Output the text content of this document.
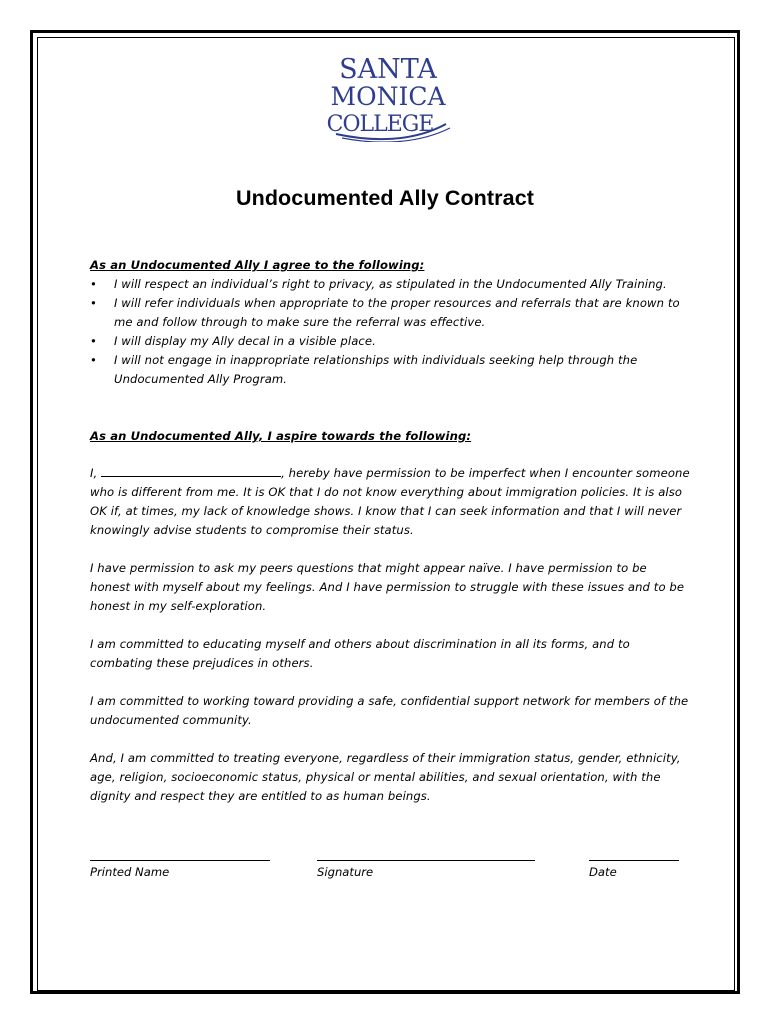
SANTA
MONICA
COLLEGE
Undocumented Ally Contract
As an Undocumented Ally I agree to the following:
• I will respect an individual’s right to privacy, as stipulated in the Undocumented Ally Training.
• I will refer individuals when appropriate to the proper resources and referrals that are known to me and follow through to make sure the referral was effective.
• I will display my Ally decal in a visible place.
• I will not engage in inappropriate relationships with individuals seeking help through the Undocumented Ally Program.
As an Undocumented Ally, I aspire towards the following:

I,	, hereby have permission to be imperfect when I encounter someone who is different from me. It is OK that I do not know everything about immigration policies. It is also OK if, at times, my lack of knowledge shows. I know that I can seek information and that I will never knowingly advise students to compromise their status.

I have permission to ask my peers questions that might appear naïve. I have permission to be honest with myself about my feelings. And I have permission to struggle with these issues and to be honest in my self-exploration.

I am committed to educating myself and others about discrimination in all its forms, and to combating these prejudices in others.

I am committed to working toward providing a safe, confidential support network for members of the undocumented community.

And, I am committed to treating everyone, regardless of their immigration status, gender, ethnicity, age, religion, socioeconomic status, physical or mental abilities, and sexual orientation, with the dignity and respect they are entitled to as human beings.

Printed Name	Signature	Date
